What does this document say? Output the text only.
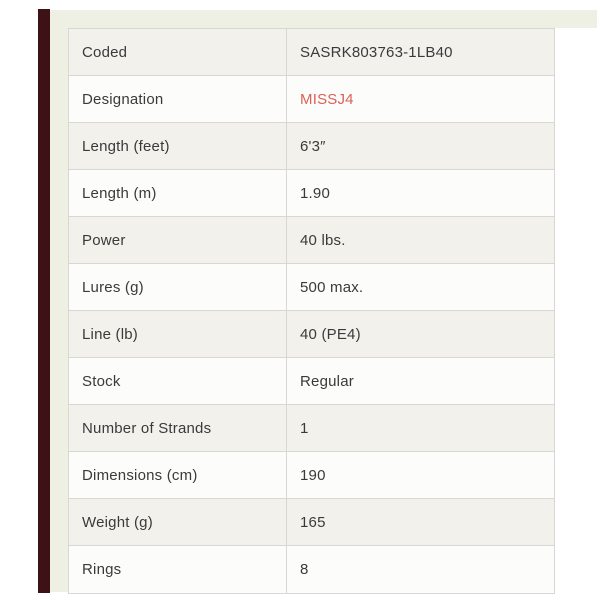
Coded	SASRK803763-1LB40
Designation	MISSJ4
Length (feet)	6'3″
Length (m)	1.90
Power	40 lbs.
Lures (g)	500 max.
Line (lb)	40 (PE4)
Stock	Regular
Number of Strands	1
Dimensions (cm)	190
Weight (g)	165
Rings	8
